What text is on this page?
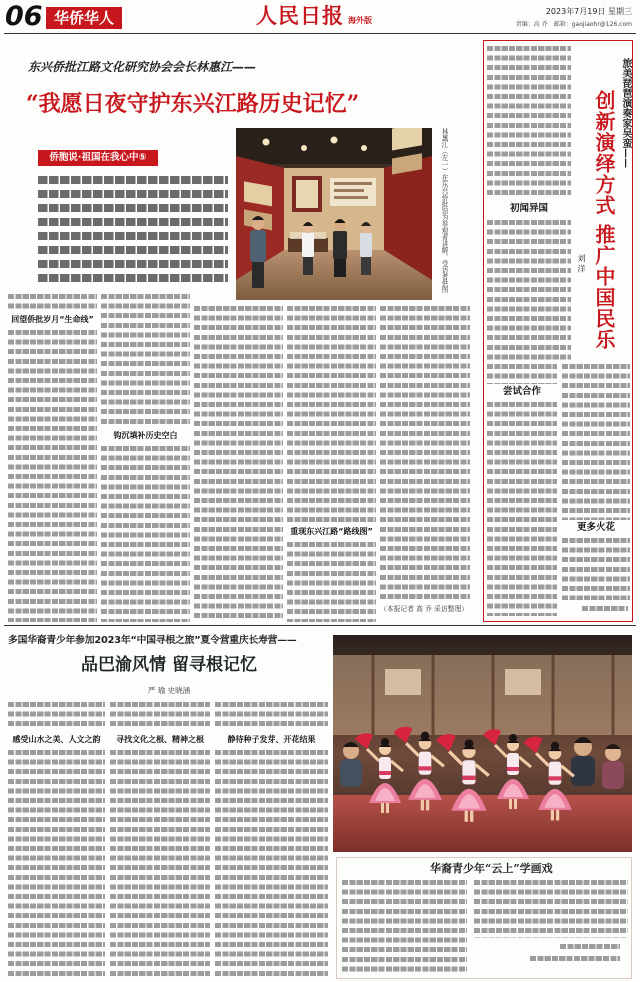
06 华侨华人	人民日报 海外版
2023年7月19日 星期三
责编：高 乔　邮箱：gaojiaohr@126.com
东兴侨批江路文化研究协会会长林惠江——
“我愿日夜守护东兴江路历史记忆”
侨胞说·祖国在我心中⑤	林惠江（左一）在东兴侨批馆为参观者讲解。受访者供图
回望侨批岁月“生命线”
钩沉填补历史空白
重现东兴江路“路线图”
（本报记者 高 乔 采访整理）
旅美琵琶演奏家吴蛮——
创新演绎方式
推广中国民乐
刘 洋
初闻异国
尝试合作
更多火花
多国华裔青少年参加2023年“中国寻根之旅”夏令营重庆长寿营——
品巴渝风情 留寻根记忆
严 瑜 史晓涵
感受山水之美、人文之韵	寻找文化之根、精神之根	静待种子发芽、开花结果
华裔青少年“云上”学画戏
